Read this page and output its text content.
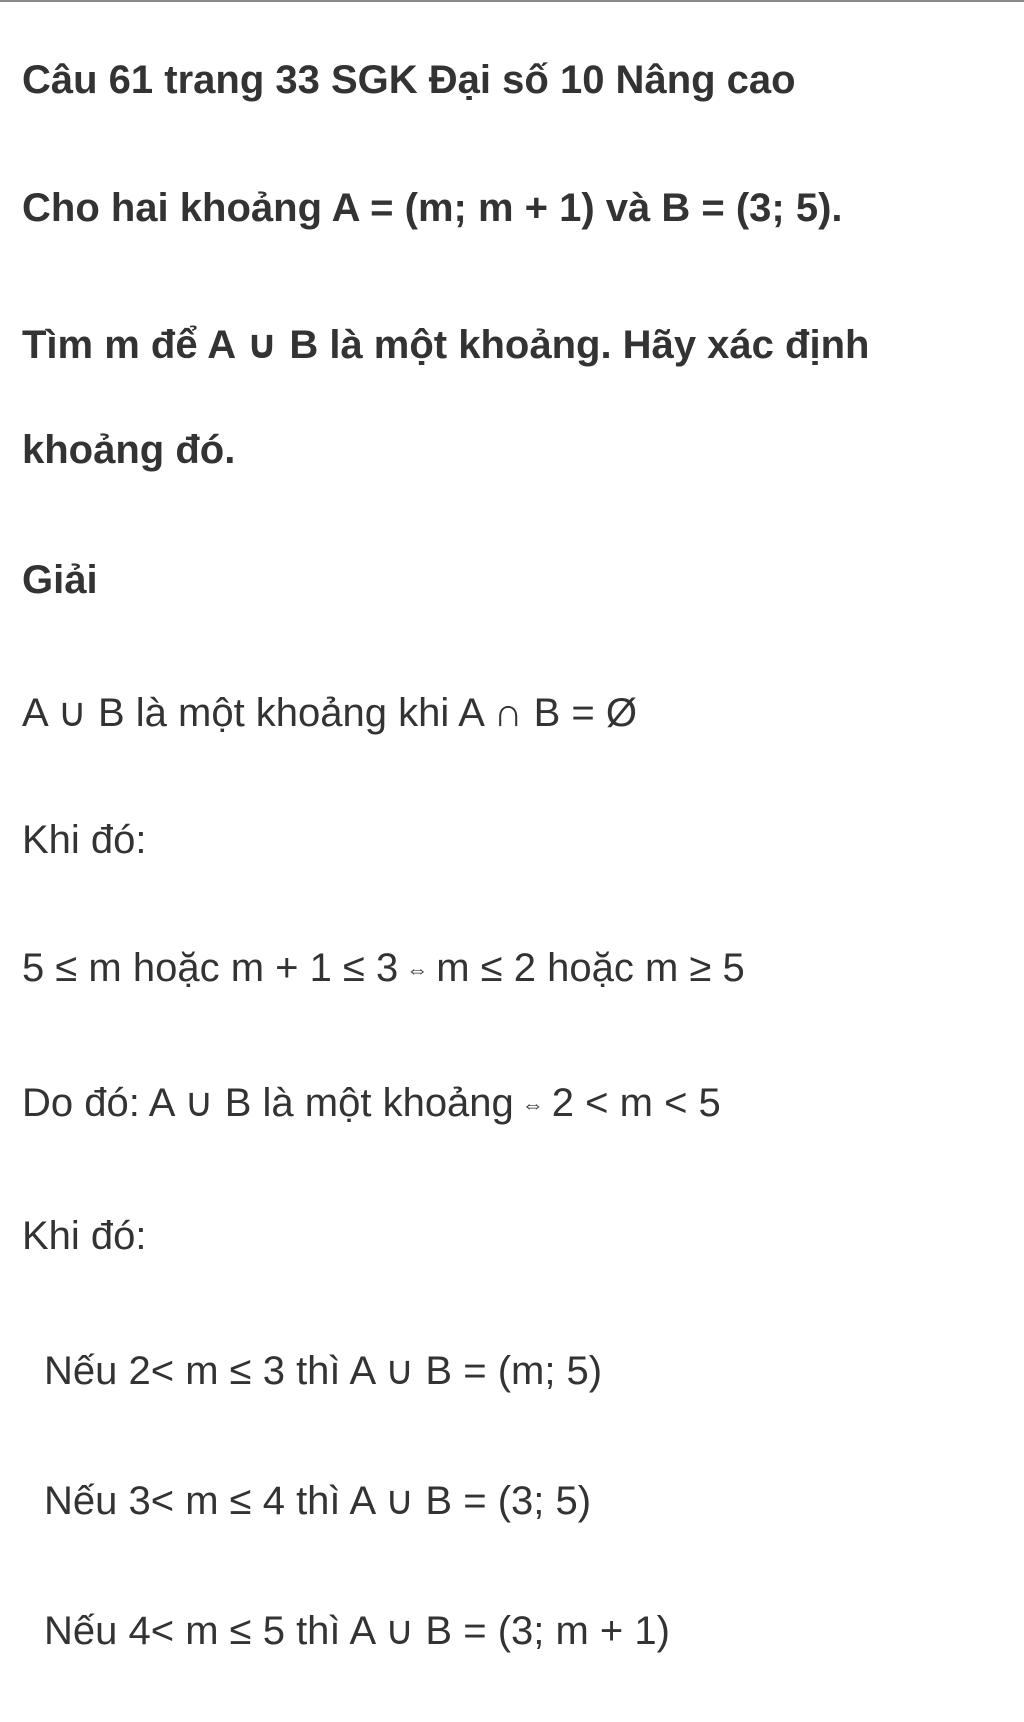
Câu 61 trang 33 SGK Đại số 10 Nâng cao
Cho hai khoảng A = (m; m + 1) và B = (3; 5).
Tìm m để A ∪ B là một khoảng. Hãy xác định
khoảng đó.
Giải
A ∪ B là một khoảng khi A ∩ B = Ø
Khi đó:
5 ≤ m hoặc m + 1 ≤ 3 ⇔ m ≤ 2 hoặc m ≥ 5
Do đó: A ∪ B là một khoảng ⇔ 2 < m < 5
Khi đó:
Nếu 2< m ≤ 3 thì A ∪ B = (m; 5)
Nếu 3< m ≤ 4 thì A ∪ B = (3; 5)
Nếu 4< m ≤ 5 thì A ∪ B = (3; m + 1)
